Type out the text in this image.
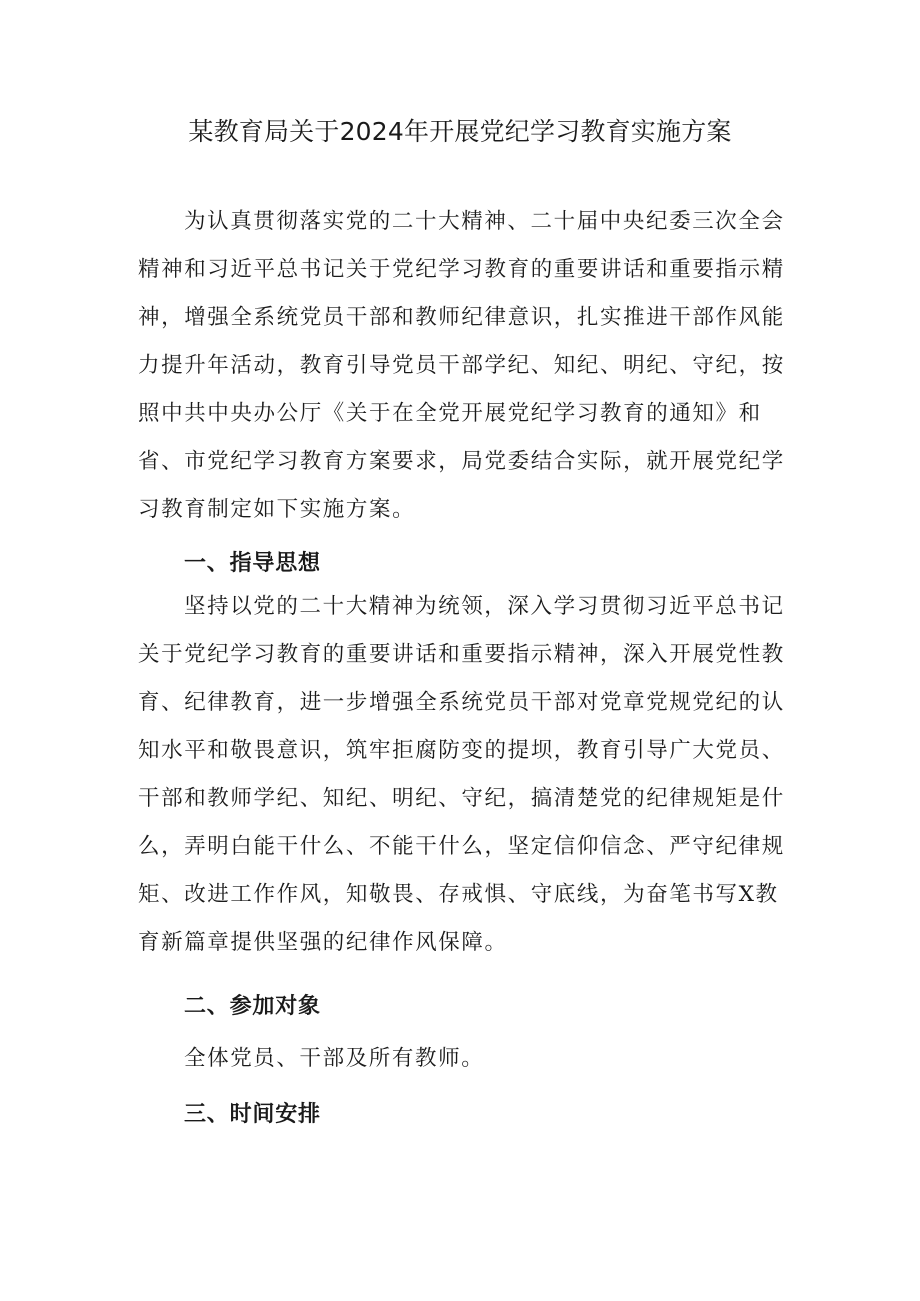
某教育局关于2024年开展党纪学习教育实施方案

为认真贯彻落实党的二十大精神、二十届中央纪委三次全会精神和习近平总书记关于党纪学习教育的重要讲话和重要指示精神，增强全系统党员干部和教师纪律意识，扎实推进干部作风能力提升年活动，教育引导党员干部学纪、知纪、明纪、守纪，按照中共中央办公厅《关于在全党开展党纪学习教育的通知》和省、市党纪学习教育方案要求，局党委结合实际，就开展党纪学习教育制定如下实施方案。

一、指导思想

坚持以党的二十大精神为统领，深入学习贯彻习近平总书记关于党纪学习教育的重要讲话和重要指示精神，深入开展党性教育、纪律教育，进一步增强全系统党员干部对党章党规党纪的认知水平和敬畏意识，筑牢拒腐防变的提坝，教育引导广大党员、干部和教师学纪、知纪、明纪、守纪，搞清楚党的纪律规矩是什么，弄明白能干什么、不能干什么，坚定信仰信念、严守纪律规矩、改进工作作风，知敬畏、存戒惧、守底线，为奋笔书写X教育新篇章提供坚强的纪律作风保障。

二、参加对象

全体党员、干部及所有教师。

三、时间安排
